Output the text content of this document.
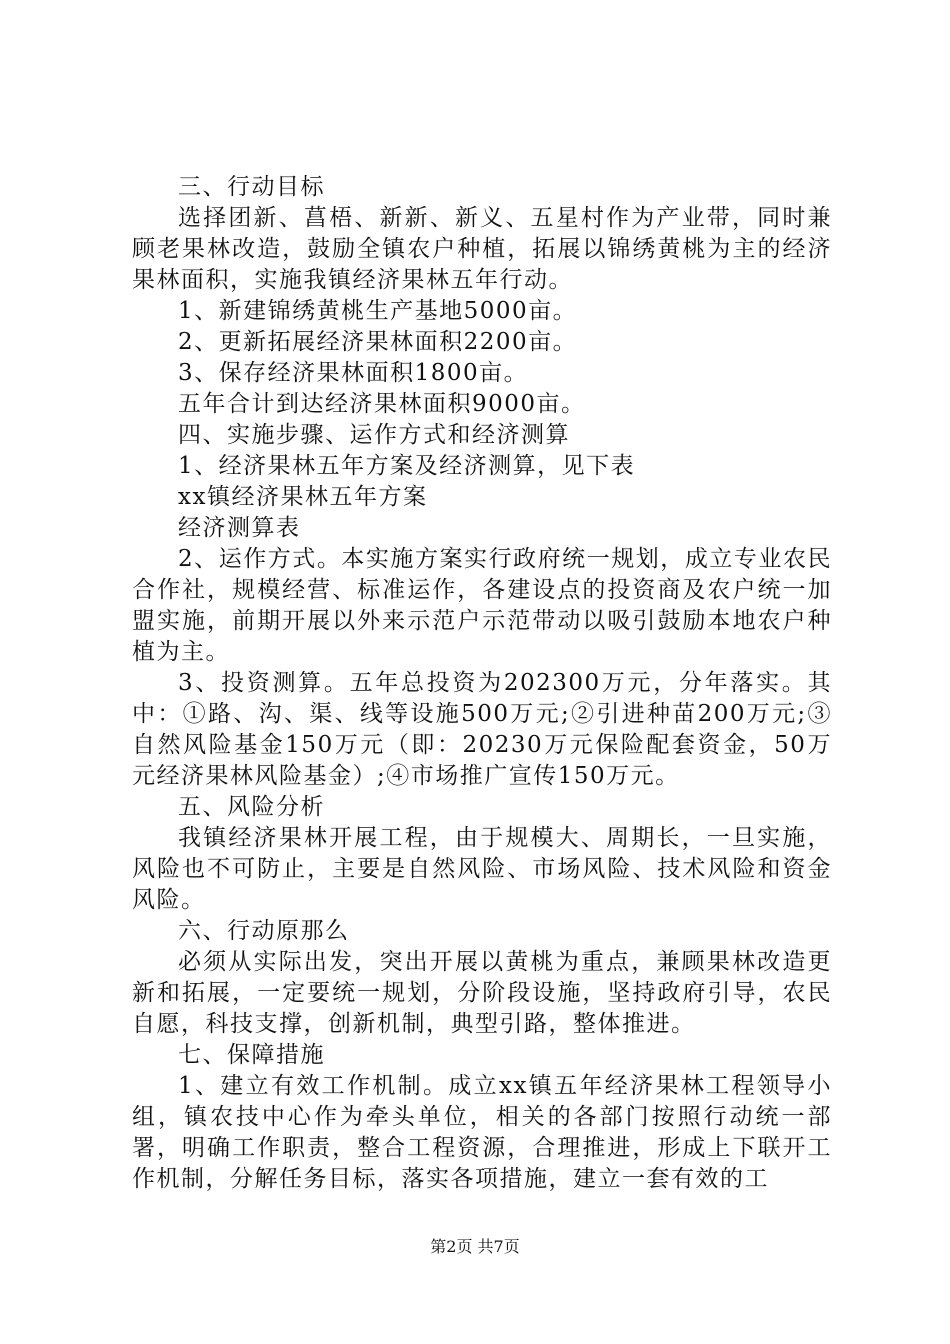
三、行动目标

选择团新、菖梧、新新、新义、五星村作为产业带，同时兼顾老果林改造，鼓励全镇农户种植，拓展以锦绣黄桃为主的经济果林面积，实施我镇经济果林五年行动。

1、新建锦绣黄桃生产基地5000亩。

2、更新拓展经济果林面积2200亩。

3、保存经济果林面积1800亩。

五年合计到达经济果林面积9000亩。

四、实施步骤、运作方式和经济测算

1、经济果林五年方案及经济测算，见下表

xx镇经济果林五年方案

经济测算表

2、运作方式。本实施方案实行政府统一规划，成立专业农民合作社，规模经营、标准运作，各建设点的投资商及农户统一加盟实施，前期开展以外来示范户示范带动以吸引鼓励本地农户种植为主。

3、投资测算。五年总投资为202300万元，分年落实。其中：①路、沟、渠、线等设施500万元;②引进种苗200万元;③自然风险基金150万元（即：20230万元保险配套资金，50万元经济果林风险基金）;④市场推广宣传150万元。

五、风险分析

我镇经济果林开展工程，由于规模大、周期长，一旦实施，风险也不可防止，主要是自然风险、市场风险、技术风险和资金风险。

六、行动原那么

必须从实际出发，突出开展以黄桃为重点，兼顾果林改造更新和拓展，一定要统一规划，分阶段设施，坚持政府引导，农民自愿，科技支撑，创新机制，典型引路，整体推进。

七、保障措施

1、建立有效工作机制。成立xx镇五年经济果林工程领导小组，镇农技中心作为牵头单位，相关的各部门按照行动统一部署，明确工作职责，整合工程资源，合理推进，形成上下联开工作机制，分解任务目标，落实各项措施，建立一套有效的工

第2页 共7页
